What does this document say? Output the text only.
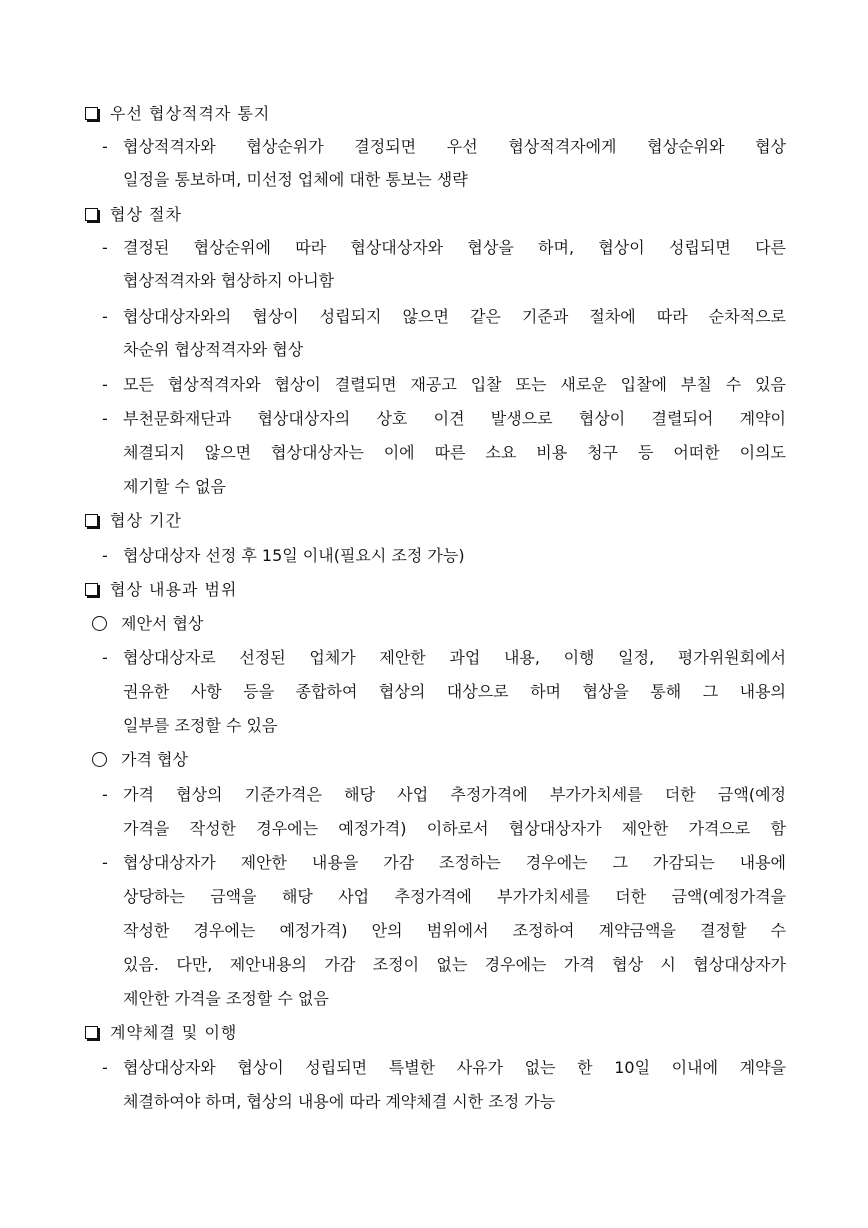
우선 협상적격자 통지
- 협상적격자와 협상순위가 결정되면 우선 협상적격자에게 협상순위와 협상
일정을 통보하며, 미선정 업체에 대한 통보는 생략
협상 절차
- 결정된 협상순위에 따라 협상대상자와 협상을 하며, 협상이 성립되면 다른
협상적격자와 협상하지 아니함
- 협상대상자와의 협상이 성립되지 않으면 같은 기준과 절차에 따라 순차적으로
차순위 협상적격자와 협상
- 모든 협상적격자와 협상이 결렬되면 재공고 입찰 또는 새로운 입찰에 부칠 수 있음
- 부천문화재단과 협상대상자의 상호 이견 발생으로 협상이 결렬되어 계약이
체결되지 않으면 협상대상자는 이에 따른 소요 비용 청구 등 어떠한 이의도
제기할 수 없음
협상 기간
- 협상대상자 선정 후 15일 이내(필요시 조정 가능)
협상 내용과 범위
제안서 협상
- 협상대상자로 선정된 업체가 제안한 과업 내용, 이행 일정, 평가위원회에서
권유한 사항 등을 종합하여 협상의 대상으로 하며 협상을 통해 그 내용의
일부를 조정할 수 있음
가격 협상
- 가격 협상의 기준가격은 해당 사업 추정가격에 부가가치세를 더한 금액(예정
가격을 작성한 경우에는 예정가격) 이하로서 협상대상자가 제안한 가격으로 함
- 협상대상자가 제안한 내용을 가감 조정하는 경우에는 그 가감되는 내용에
상당하는 금액을 해당 사업 추정가격에 부가가치세를 더한 금액(예정가격을
작성한 경우에는 예정가격) 안의 범위에서 조정하여 계약금액을 결정할 수
있음. 다만, 제안내용의 가감 조정이 없는 경우에는 가격 협상 시 협상대상자가
제안한 가격을 조정할 수 없음
계약체결 및 이행
- 협상대상자와 협상이 성립되면 특별한 사유가 없는 한 10일 이내에 계약을
체결하여야 하며, 협상의 내용에 따라 계약체결 시한 조정 가능
